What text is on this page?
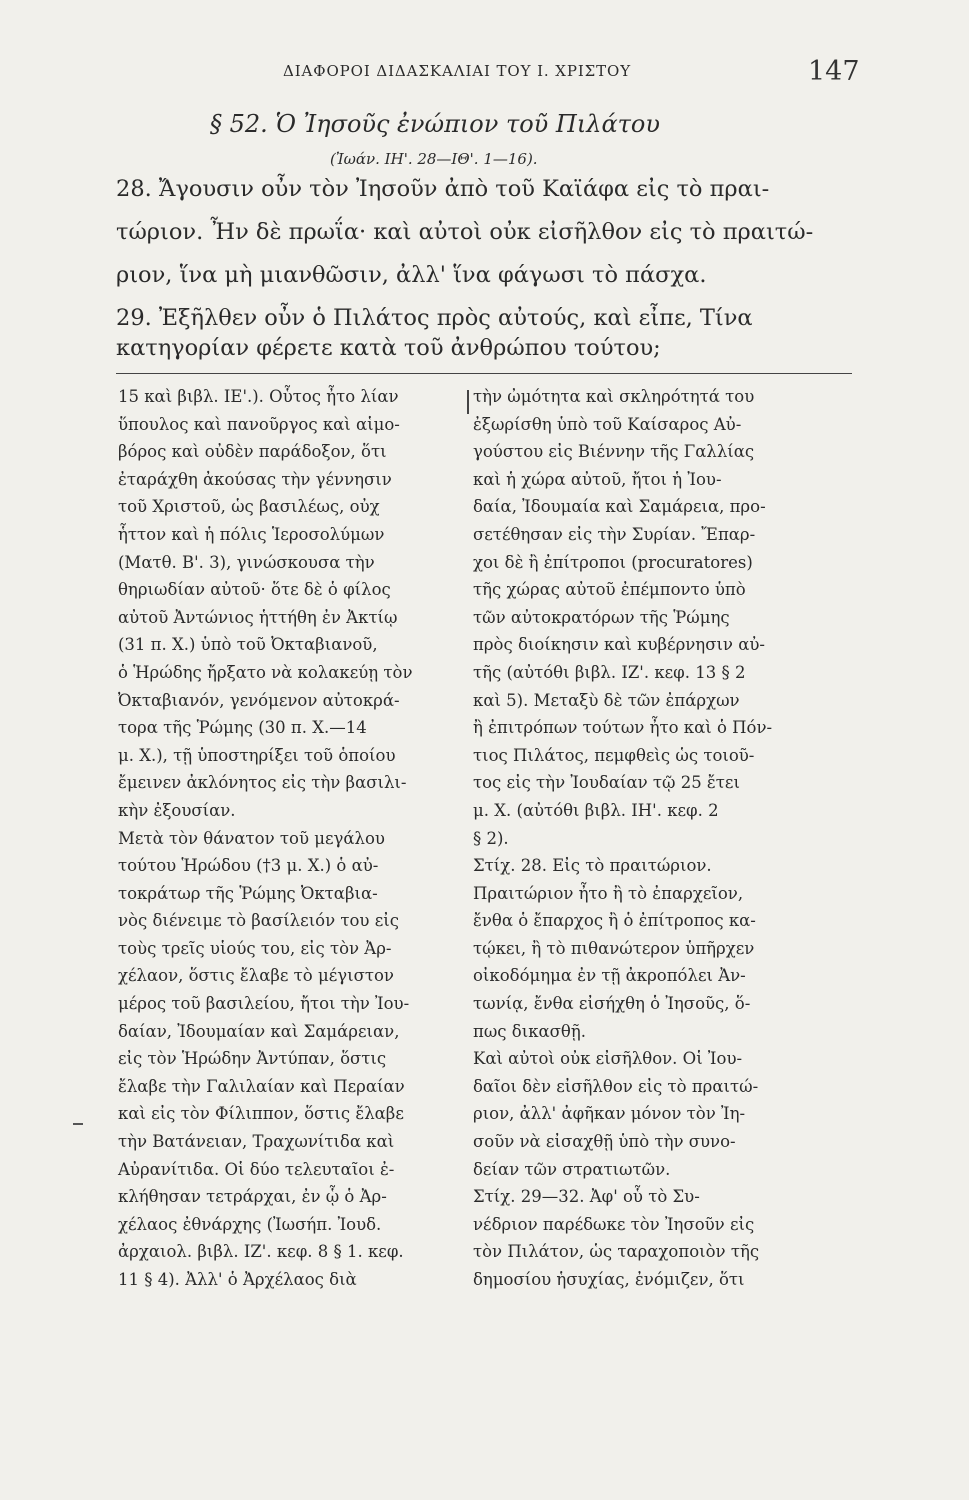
ΔΙΑΦΟΡΟΙ ΔΙΔΑΣΚΑΛΙΑΙ ΤΟΥ Ι. ΧΡΙΣΤΟΥ	147
§ 52. Ὁ Ἰησοῦς ἐνώπιον τοῦ Πιλάτου
(Ἰωάν. ΙΗ'. 28—ΙΘ'. 1—16).
28. Ἄγουσιν οὖν τὸν Ἰησοῦν ἀπὸ τοῦ Καϊάφα εἰς τὸ πραι-
τώριον. Ἦν δὲ πρωΐα· καὶ αὐτοὶ οὐκ εἰσῆλθον εἰς τὸ πραιτώ-
ριον, ἵνα μὴ μιανθῶσιν, ἀλλ' ἵνα φάγωσι τὸ πάσχα.
29. Ἐξῆλθεν οὖν ὁ Πιλάτος πρὸς αὐτούς, καὶ εἶπε, Τίνα
κατηγορίαν φέρετε κατὰ τοῦ ἀνθρώπου τούτου;
15 καὶ βιβλ. ΙΕ'.). Οὗτος ἦτο λίαν
ὕπουλος καὶ πανοῦργος καὶ αἱμο-
βόρος καὶ οὐδὲν παράδοξον, ὅτι
ἐταράχθη ἀκούσας τὴν γέννησιν
τοῦ Χριστοῦ, ὡς βασιλέως, οὐχ
ἧττον καὶ ἡ πόλις Ἱεροσολύμων
(Ματθ. Β'. 3), γινώσκουσα τὴν
θηριωδίαν αὐτοῦ· ὅτε δὲ ὁ φίλος
αὐτοῦ Ἀντώνιος ἡττήθη ἐν Ἀκτίῳ
(31 π. Χ.) ὑπὸ τοῦ Ὀκταβιανοῦ,
ὁ Ἡρώδης ἤρξατο νὰ κολακεύῃ τὸν
Ὀκταβιανόν, γενόμενον αὐτοκρά-
τορα τῆς Ῥώμης (30 π. Χ.—14
μ. Χ.), τῇ ὑποστηρίξει τοῦ ὁποίου
ἔμεινεν ἀκλόνητος εἰς τὴν βασιλι-
κὴν ἐξουσίαν.
Μετὰ τὸν θάνατον τοῦ μεγάλου
τούτου Ἡρώδου (†3 μ. Χ.) ὁ αὐ-
τοκράτωρ τῆς Ῥώμης Ὀκταβια-
νὸς διένειμε τὸ βασίλειόν του εἰς
τοὺς τρεῖς υἱούς του, εἰς τὸν Ἀρ-
χέλαον, ὅστις ἔλαβε τὸ μέγιστον
μέρος τοῦ βασιλείου, ἤτοι τὴν Ἰου-
δαίαν, Ἰδουμαίαν καὶ Σαμάρειαν,
εἰς τὸν Ἡρώδην Ἀντύπαν, ὅστις
ἔλαβε τὴν Γαλιλαίαν καὶ Περαίαν
καὶ εἰς τὸν Φίλιππον, ὅστις ἔλαβε
τὴν Βατάνειαν, Τραχωνίτιδα καὶ
Αὐρανίτιδα. Οἱ δύο τελευταῖοι ἐ-
κλήθησαν τετράρχαι, ἐν ᾧ ὁ Ἀρ-
χέλαος ἐθνάρχης (Ἰωσήπ. Ἰουδ.
ἀρχαιολ. βιβλ. ΙΖ'. κεφ. 8 § 1. κεφ.
11 § 4). Ἀλλ' ὁ Ἀρχέλαος διὰ
τὴν ὠμότητα καὶ σκληρότητά του
ἐξωρίσθη ὑπὸ τοῦ Καίσαρος Αὐ-
γούστου εἰς Βιέννην τῆς Γαλλίας
καὶ ἡ χώρα αὐτοῦ, ἤτοι ἡ Ἰου-
δαία, Ἰδουμαία καὶ Σαμάρεια, προ-
σετέθησαν εἰς τὴν Συρίαν. Ἔπαρ-
χοι δὲ ἢ ἐπίτροποι (procuratores)
τῆς χώρας αὐτοῦ ἐπέμποντο ὑπὸ
τῶν αὐτοκρατόρων τῆς Ῥώμης
πρὸς διοίκησιν καὶ κυβέρνησιν αὐ-
τῆς (αὐτόθι βιβλ. ΙΖ'. κεφ. 13 § 2
καὶ 5). Μεταξὺ δὲ τῶν ἐπάρχων
ἢ ἐπιτρόπων τούτων ἦτο καὶ ὁ Πόν-
τιος Πιλάτος, πεμφθεὶς ὡς τοιοῦ-
τος εἰς τὴν Ἰουδαίαν τῷ 25 ἔτει
μ. Χ. (αὐτόθι βιβλ. ΙΗ'. κεφ. 2
§ 2).
Στίχ. 28. Εἰς τὸ πραιτώριον.
Πραιτώριον ἦτο ἢ τὸ ἐπαρχεῖον,
ἔνθα ὁ ἔπαρχος ἢ ὁ ἐπίτροπος κα-
τῴκει, ἢ τὸ πιθανώτερον ὑπῆρχεν
οἰκοδόμημα ἐν τῇ ἀκροπόλει Ἀν-
τωνίᾳ, ἔνθα εἰσήχθη ὁ Ἰησοῦς, ὅ-
πως δικασθῇ.
Καὶ αὐτοὶ οὐκ εἰσῆλθον. Οἱ Ἰου-
δαῖοι δὲν εἰσῆλθον εἰς τὸ πραιτώ-
ριον, ἀλλ' ἀφῆκαν μόνον τὸν Ἰη-
σοῦν νὰ εἰσαχθῇ ὑπὸ τὴν συνο-
δείαν τῶν στρατιωτῶν.
Στίχ. 29—32. Ἀφ' οὗ τὸ Συ-
νέδριον παρέδωκε τὸν Ἰησοῦν εἰς
τὸν Πιλάτον, ὡς ταραχοποιὸν τῆς
δημοσίου ἡσυχίας, ἐνόμιζεν, ὅτι
